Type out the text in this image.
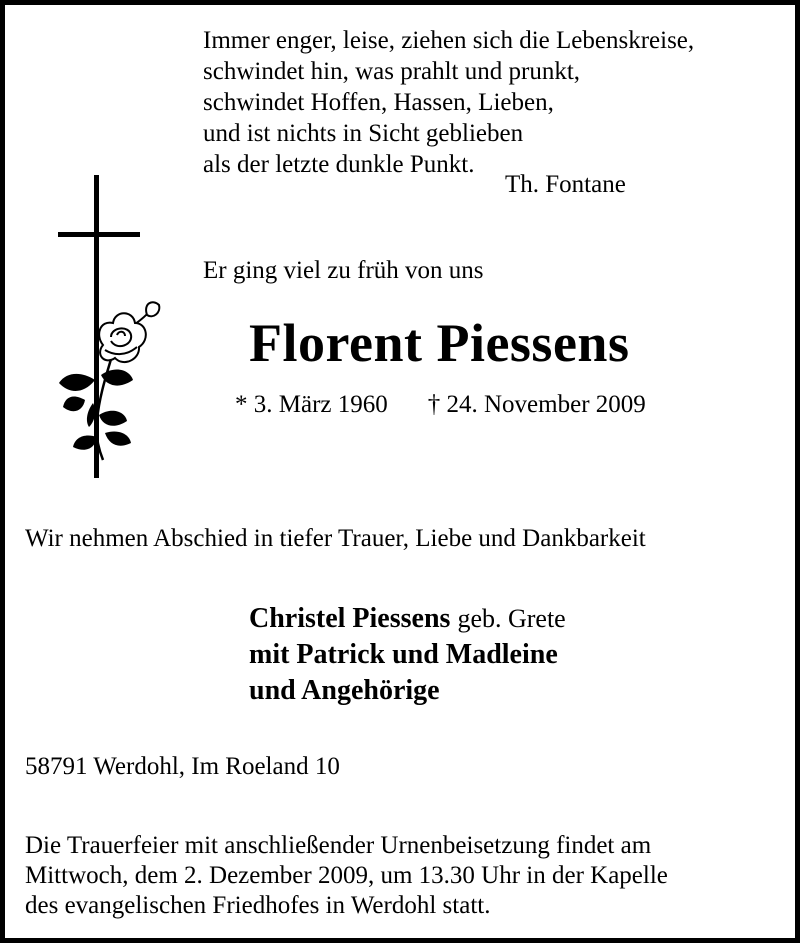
Immer enger, leise, ziehen sich die Lebenskreise,
schwindet hin, was prahlt und prunkt,
schwindet Hoffen, Hassen, Lieben,
und ist nichts in Sicht geblieben
als der letzte dunkle Punkt.
Th. Fontane
Er ging viel zu früh von uns
Florent Piessens
* 3. März 1960 † 24. November 2009
Wir nehmen Abschied in tiefer Trauer, Liebe und Dankbarkeit
Christel Piessens geb. Grete
mit Patrick und Madleine
und Angehörige
58791 Werdohl, Im Roeland 10
Die Trauerfeier mit anschließender Urnenbeisetzung findet am
Mittwoch, dem 2. Dezember 2009, um 13.30 Uhr in der Kapelle
des evangelischen Friedhofes in Werdohl statt.
